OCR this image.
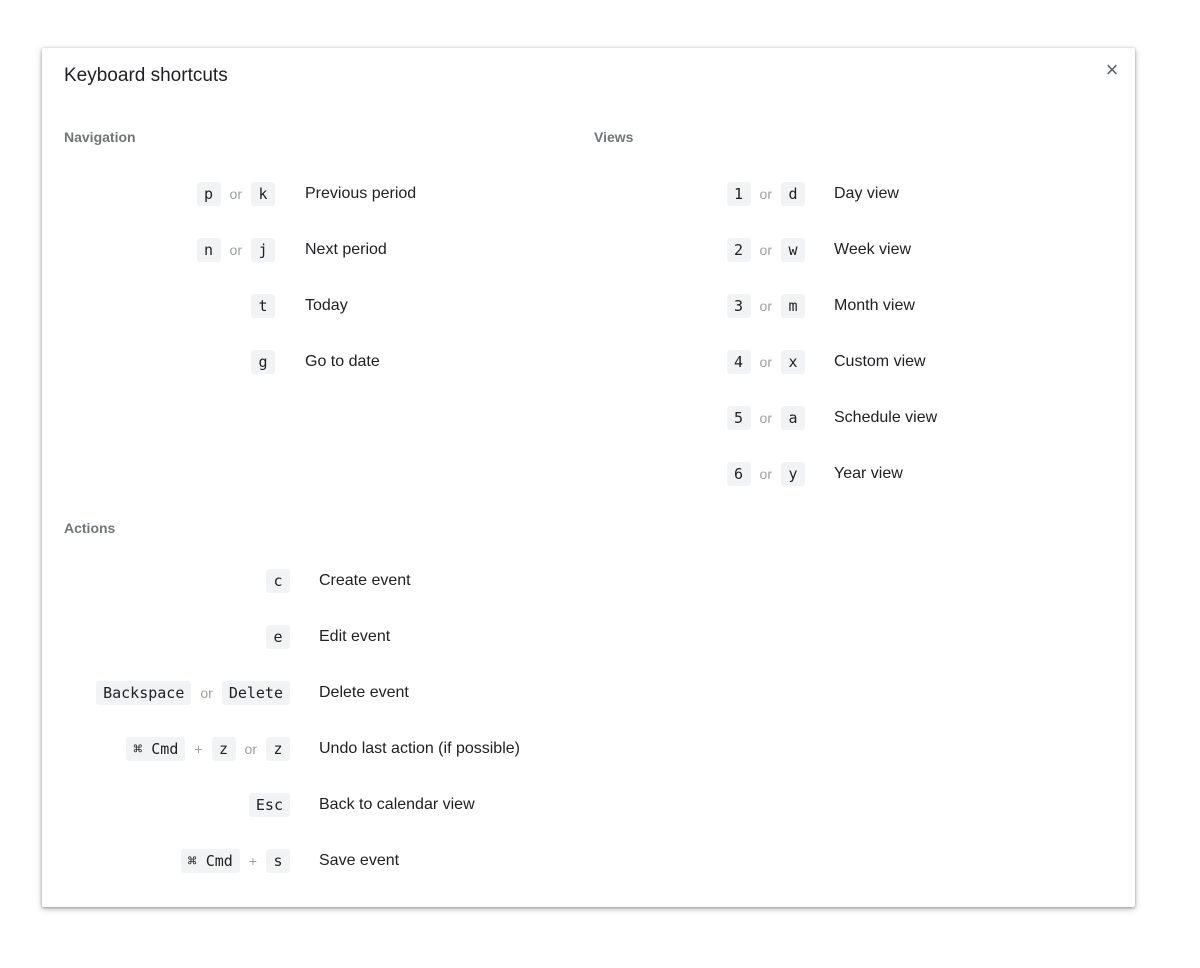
Keyboard shortcuts	×
Navigation	Views
Actions
p	or	k	Previous period
n	or	j	Next period
t	Today
g	Go to date
1	or	d	Day view
2	or	w	Week view
3	or	m	Month view
4	or	x	Custom view
5	or	a	Schedule view
6	or	y	Year view
c	Create event
e	Edit event
Backspace	or	Delete	Delete event
⌘ Cmd	+	z	or	z	Undo last action (if possible)
Esc	Back to calendar view
⌘ Cmd	+	s	Save event
